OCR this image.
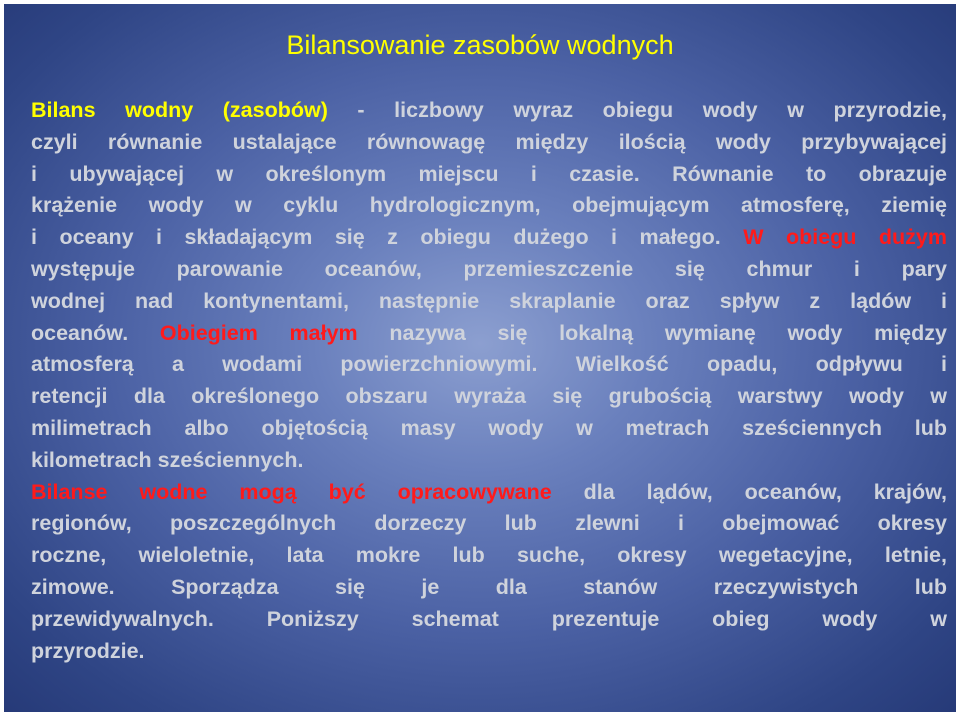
Bilansowanie zasobów wodnych
Bilans wodny (zasobów) - liczbowy wyraz obiegu wody w przyrodzie,
czyli równanie ustalające równowagę między ilością wody przybywającej
i ubywającej w określonym miejscu i czasie. Równanie to obrazuje
krążenie wody w cyklu hydrologicznym, obejmującym atmosferę, ziemię
i oceany i składającym się z obiegu dużego i małego. W obiegu dużym
występuje parowanie oceanów, przemieszczenie się chmur i pary
wodnej nad kontynentami, następnie skraplanie oraz spływ z lądów i
oceanów. Obiegiem małym nazywa się lokalną wymianę wody między
atmosferą a wodami powierzchniowymi. Wielkość opadu, odpływu i
retencji dla określonego obszaru wyraża się grubością warstwy wody w
milimetrach albo objętością masy wody w metrach sześciennych lub
kilometrach sześciennych.
Bilanse wodne mogą być opracowywane dla lądów, oceanów, krajów,
regionów, poszczególnych dorzeczy lub zlewni i obejmować okresy
roczne, wieloletnie, lata mokre lub suche, okresy wegetacyjne, letnie,
zimowe. Sporządza się je dla stanów rzeczywistych lub
przewidywalnych. Poniższy schemat prezentuje obieg wody w
przyrodzie.
